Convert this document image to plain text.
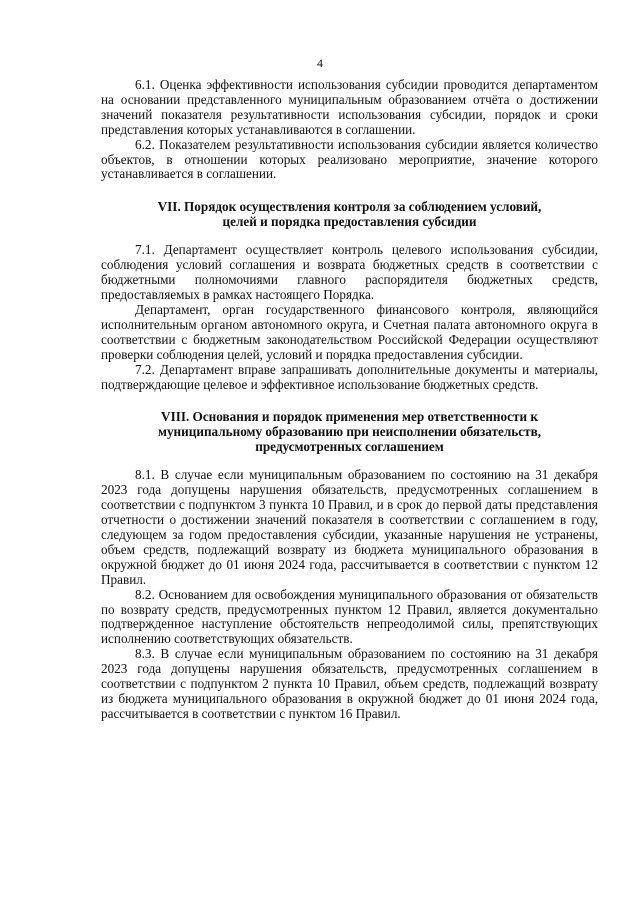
4

6.1. Оценка эффективности использования субсидии проводится департаментом на основании представленного муниципальным образованием отчёта о достижении значений показателя результативности использования субсидии, порядок и сроки представления которых устанавливаются в соглашении.

6.2. Показателем результативности использования субсидии является количество объектов, в отношении которых реализовано мероприятие, значение которого устанавливается в соглашении.

VII. Порядок осуществления контроля за соблюдением условий,
целей и порядка предоставления субсидии

7.1. Департамент осуществляет контроль целевого использования субсидии, соблюдения условий соглашения и возврата бюджетных средств в соответствии с бюджетными полномочиями главного распорядителя бюджетных средств, предоставляемых в рамках настоящего Порядка.

Департамент, орган государственного финансового контроля, являющийся исполнительным органом автономного округа, и Счетная палата автономного округа в соответствии с бюджетным законодательством Российской Федерации осуществляют проверки соблюдения целей, условий и порядка предоставления субсидии.

7.2. Департамент вправе запрашивать дополнительные документы и материалы, подтверждающие целевое и эффективное использование бюджетных средств.

VIII. Основания и порядок применения мер ответственности к
муниципальному образованию при неисполнении обязательств,
предусмотренных соглашением

8.1. В случае если муниципальным образованием по состоянию на 31 декабря 2023 года допущены нарушения обязательств, предусмотренных соглашением в соответствии с подпунктом 3 пункта 10 Правил, и в срок до первой даты представления отчетности о достижении значений показателя в соответствии с соглашением в году, следующем за годом предоставления субсидии, указанные нарушения не устранены, объем средств, подлежащий возврату из бюджета муниципального образования в окружной бюджет до 01 июня 2024 года, рассчитывается в соответствии с пунктом 12 Правил.

8.2. Основанием для освобождения муниципального образования от обязательств по возврату средств, предусмотренных пунктом 12 Правил, является документально подтвержденное наступление обстоятельств непреодолимой силы, препятствующих исполнению соответствующих обязательств.

8.3. В случае если муниципальным образованием по состоянию на 31 декабря 2023 года допущены нарушения обязательств, предусмотренных соглашением в соответствии с подпунктом 2 пункта 10 Правил, объем средств, подлежащий возврату из бюджета муниципального образования в окружной бюджет до 01 июня 2024 года, рассчитывается в соответствии с пунктом 16 Правил.
